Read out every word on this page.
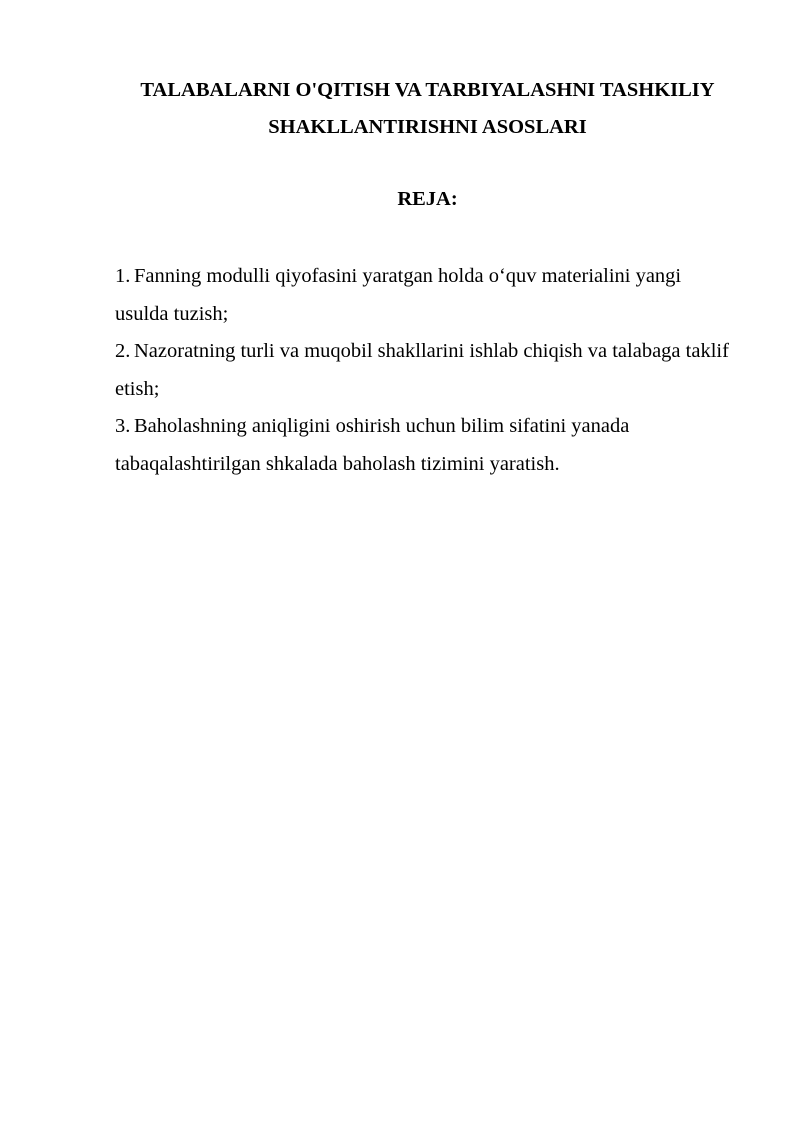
TALABALARNI O'QITISH VA TARBIYALASHNI TASHKILIY SHAKLLANTIRISHNI ASOSLARI
REJA:
1. Fanning modulli qiyofasini yaratgan holda o‘quv materialini yangi usulda tuzish;
2. Nazoratning turli va muqobil shakllarini ishlab chiqish va talabaga taklif etish;
3. Baholashning aniqligini oshirish uchun bilim sifatini yanada tabaqalashtirilgan shkalada baholash tizimini yaratish.
